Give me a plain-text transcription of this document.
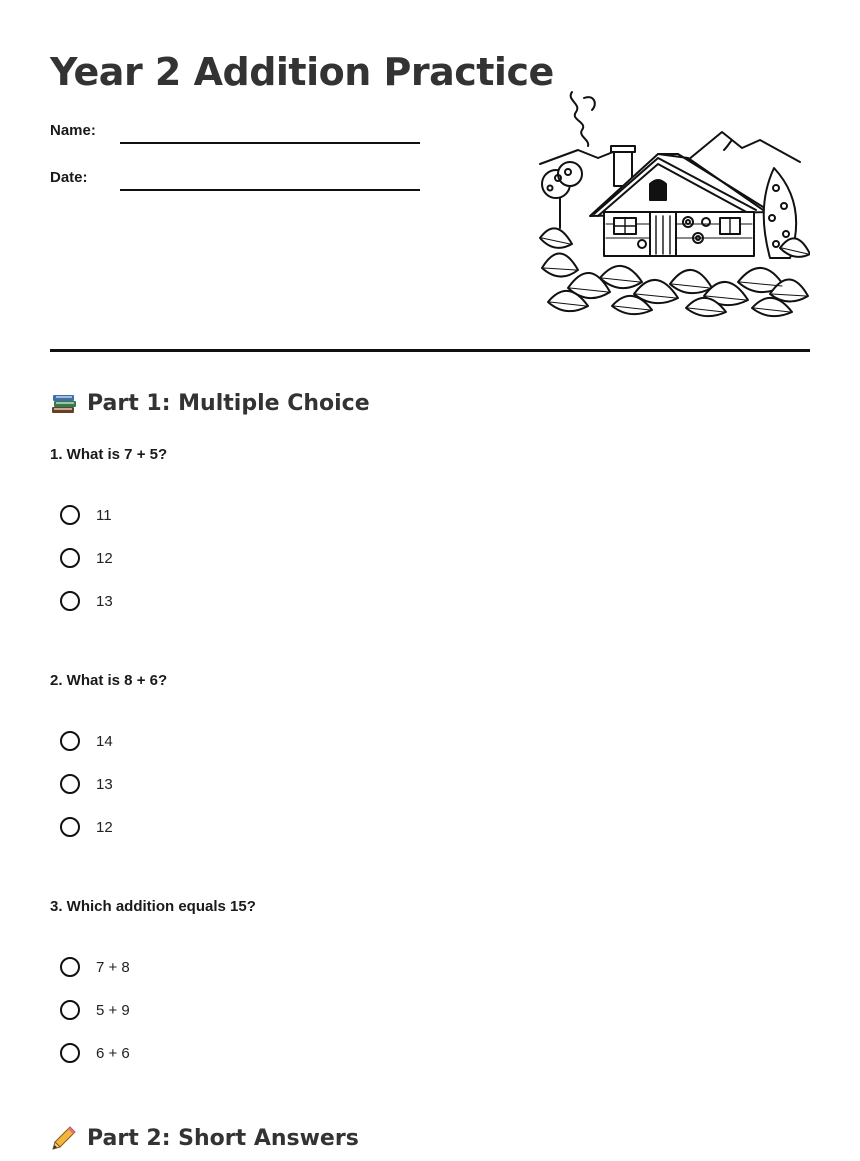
Year 2 Addition Practice
Name:
Date:
Part 1: Multiple Choice
1. What is 7 + 5?
11
12
13
2. What is 8 + 6?
14
13
12
3. Which addition equals 15?
7 + 8
5 + 9
6 + 6
Part 2: Short Answers
